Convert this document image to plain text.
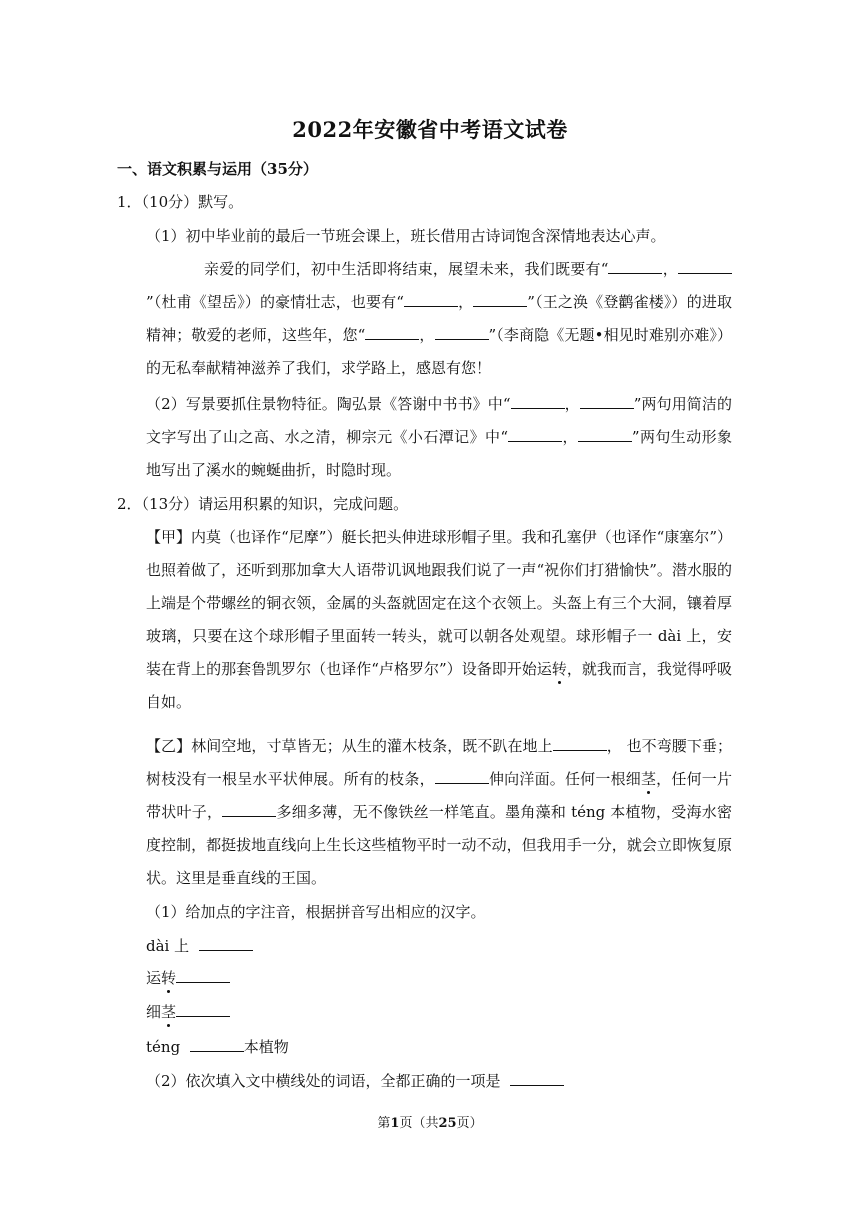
2022年安徽省中考语文试卷
一、语文积累与运用（35分）
1．（10分）默写。
（1）初中毕业前的最后一节班会课上，班长借用古诗词饱含深情地表达心声。
亲爱的同学们，初中生活即将结束，展望未来，我们既要有“	，”（杜甫《望岳》）的豪情壮志，也要有“	，	”（王之涣《登鹳雀楼》）的进取精神；敬爱的老师，这些年，您“	，	”（李商隐《无题•相见时难别亦难》）的无私奉献精神滋养了我们，求学路上，感恩有您！
（2）写景要抓住景物特征。陶弘景《答谢中书书》中“	，	”两句用简洁的文字写出了山之高、水之清，柳宗元《小石潭记》中“	，	”两句生动形象地写出了溪水的蜿蜒曲折，时隐时现。
2．（13分）请运用积累的知识，完成问题。
【甲】内莫（也译作“尼摩”）艇长把头伸进球形帽子里。我和孔塞伊（也译作“康塞尔”）也照着做了，还听到那加拿大人语带讥讽地跟我们说了一声“祝你们打猎愉快”。潜水服的上端是个带螺丝的铜衣领，金属的头盔就固定在这个衣领上。头盔上有三个大洞，镶着厚玻璃，只要在这个球形帽子里面转一转头，就可以朝各处观望。球形帽子一 dài 上，安装在背上的那套鲁凯罗尔（也译作“卢格罗尔”）设备即开始运转，就我而言，我觉得呼吸自如。
【乙】林间空地，寸草皆无；从生的灌木枝条，既不趴在地上	， 也不弯腰下垂；树枝没有一根呈水平状伸展。所有的枝条，	伸向洋面。任何一根细茎，任何一片带状叶子，	多细多薄，无不像铁丝一样笔直。墨角藻和 téng 本植物，受海水密度控制，都挺拔地直线向上生长这些植物平时一动不动，但我用手一分，就会立即恢复原状。这里是垂直线的王国。
（1）给加点的字注音，根据拼音写出相应的汉字。
dài 上
运转
细茎
téng	本植物
（2）依次填入文中横线处的词语，全都正确的一项是
第1页（共25页）
